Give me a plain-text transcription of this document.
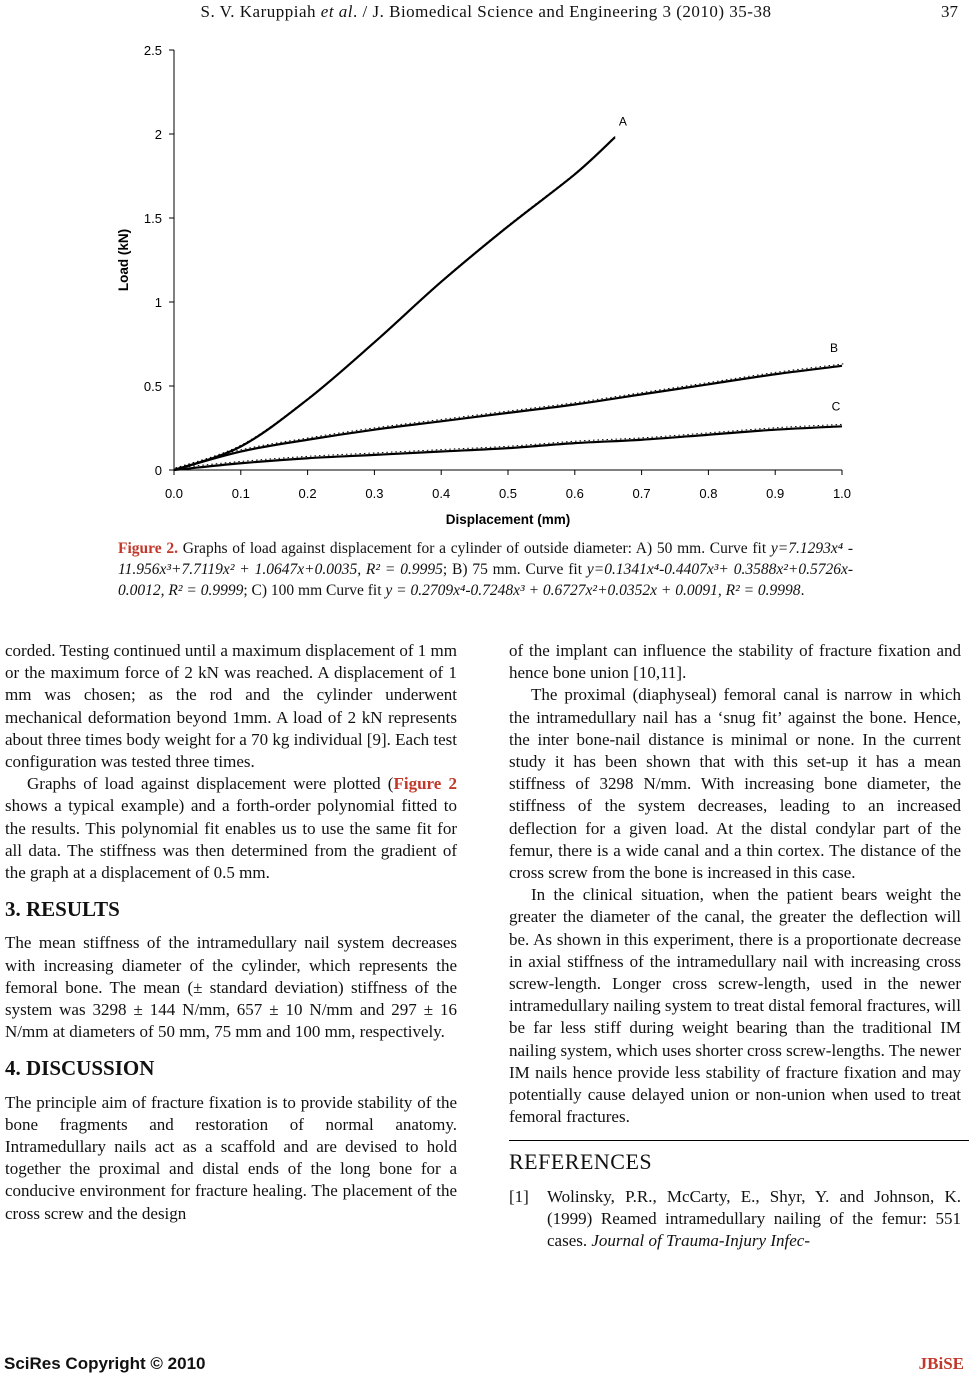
S. V. Karuppiah et al. / J. Biomedical Science and Engineering 3 (2010) 35-38	37
0.0	0.1	0.2	0.3	0.4	0.5	0.6	0.7	0.8	0.9	1.0
0
0.5
1
1.5
2
2.5
Displacement (mm)
Load (kN)
A
B
C
Figure 2. Graphs of load against displacement for a cylinder of outside diameter: A) 50 mm. Curve fit y=7.1293x⁴ - 11.956x³+7.7119x² + 1.0647x+0.0035, R² = 0.9995; B) 75 mm. Curve fit y=0.1341x⁴-0.4407x³+ 0.3588x²+0.5726x-0.0012, R² = 0.9999; C) 100 mm Curve fit y = 0.2709x⁴-0.7248x³ + 0.6727x²+0.0352x + 0.0091, R² = 0.9998.

corded. Testing continued until a maximum displacement of 1 mm or the maximum force of 2 kN was reached. A displacement of 1 mm was chosen; as the rod and the cylinder underwent mechanical deformation beyond 1mm. A load of 2 kN represents about three times body weight for a 70 kg individual [9]. Each test configuration was tested three times.

Graphs of load against displacement were plotted (Figure 2 shows a typical example) and a forth-order polynomial fitted to the results. This polynomial fit enables us to use the same fit for all data. The stiffness was then determined from the gradient of the graph at a displacement of 0.5 mm.

3. RESULTS

The mean stiffness of the intramedullary nail system decreases with increasing diameter of the cylinder, which represents the femoral bone. The mean (± standard deviation) stiffness of the system was 3298 ± 144 N/mm, 657 ± 10 N/mm and 297 ± 16 N/mm at diameters of 50 mm, 75 mm and 100 mm, respectively.

4. DISCUSSION

The principle aim of fracture fixation is to provide stability of the bone fragments and restoration of normal anatomy. Intramedullary nails act as a scaffold and are devised to hold together the proximal and distal ends of the long bone for a conducive environment for fracture healing. The placement of the cross screw and the design

of the implant can influence the stability of fracture fixation and hence bone union [10,11].

The proximal (diaphyseal) femoral canal is narrow in which the intramedullary nail has a ‘snug fit’ against the bone. Hence, the inter bone-nail distance is minimal or none. In the current study it has been shown that with this set-up it has a mean stiffness of 3298 N/mm. With increasing bone diameter, the stiffness of the system decreases, leading to an increased deflection for a given load. At the distal condylar part of the femur, there is a wide canal and a thin cortex. The distance of the cross screw from the bone is increased in this case.

In the clinical situation, when the patient bears weight the greater the diameter of the canal, the greater the deflection will be. As shown in this experiment, there is a proportionate decrease in axial stiffness of the intramedullary nail with increasing cross screw-length. Longer cross screw-length, used in the newer intramedullary nailing system to treat distal femoral fractures, will be far less stiff during weight bearing than the traditional IM nailing system, which uses shorter cross screw-lengths. The newer IM nails hence provide less stability of fracture fixation and may potentially cause delayed union or non-union when used to treat femoral fractures.

REFERENCES
[1]	Wolinsky, P.R., McCarty, E., Shyr, Y. and Johnson, K. (1999) Reamed intramedullary nailing of the femur: 551 cases. Journal of Trauma-Injury Infec-
SciRes Copyright © 2010	JBiSE
